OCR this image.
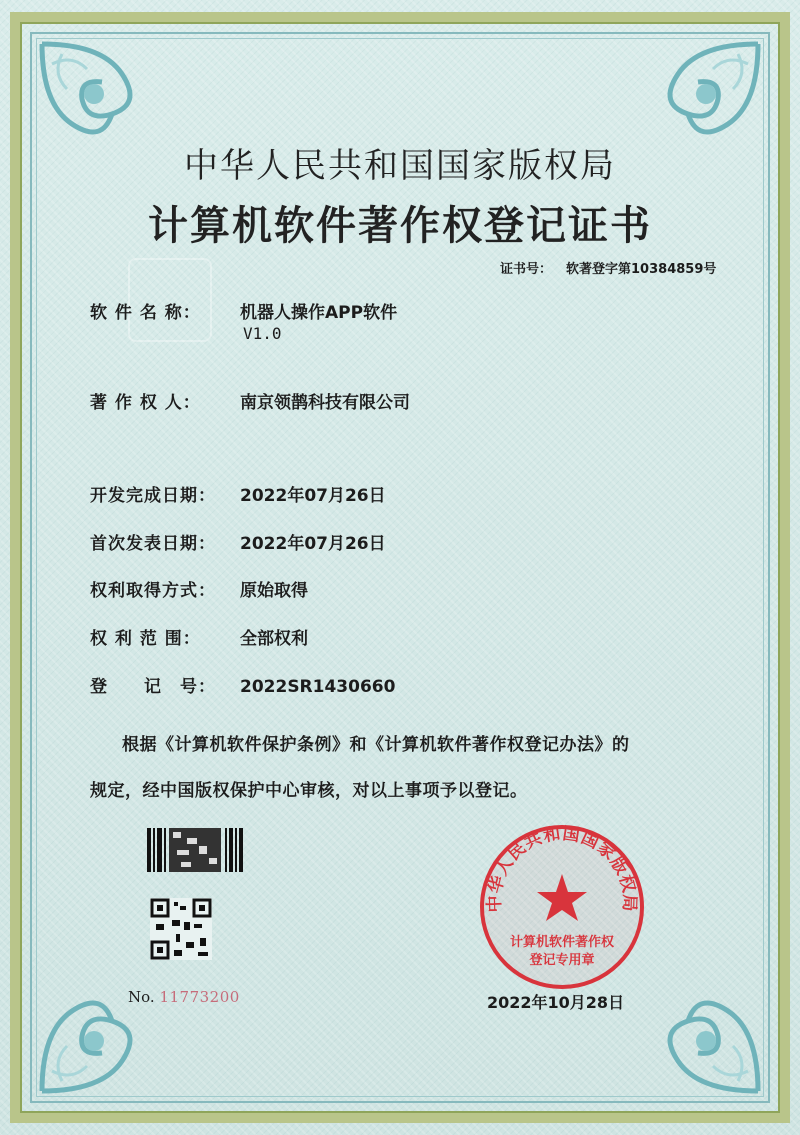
中华人民共和国国家版权局
计算机软件著作权登记证书
证书号： 软著登字第10384859号
软 件 名 称： 机器人操作APP软件
V1.0
著 作 权 人： 南京领鹊科技有限公司
开发完成日期： 2022年07月26日
首次发表日期： 2022年07月26日
权利取得方式： 原始取得
权 利 范 围： 全部权利
登　　记　号： 2022SR1430660
根据《计算机软件保护条例》和《计算机软件著作权登记办法》的
规定，经中国版权保护中心审核，对以上事项予以登记。
No. 11773200
中华人民共和国国家版权局
计算机软件著作权
登记专用章
2022年10月28日
